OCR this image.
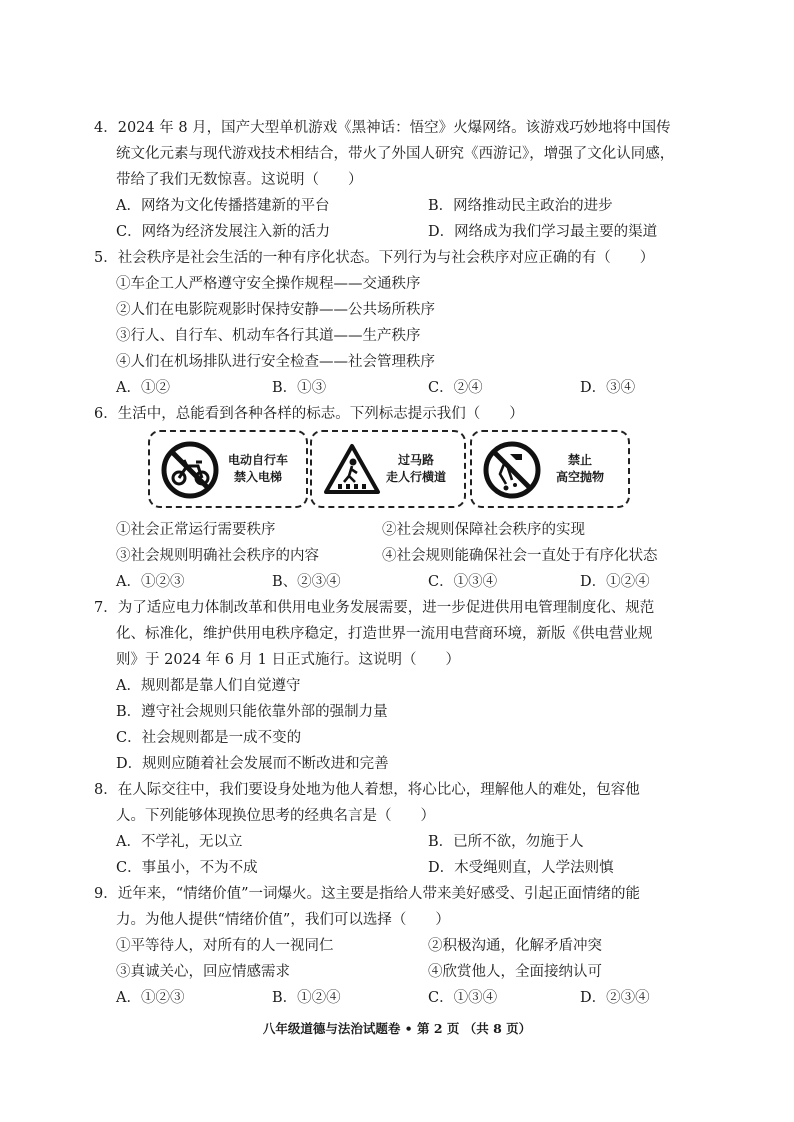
4．2024 年 8 月，国产大型单机游戏《黑神话：悟空》火爆网络。该游戏巧妙地将中国传
统文化元素与现代游戏技术相结合，带火了外国人研究《西游记》，增强了文化认同感，
带给了我们无数惊喜。这说明（　　）
A．网络为文化传播搭建新的平台	B．网络推动民主政治的进步
C．网络为经济发展注入新的活力	D．网络成为我们学习最主要的渠道
5．社会秩序是社会生活的一种有序化状态。下列行为与社会秩序对应正确的有（　　）
①车企工人严格遵守安全操作规程——交通秩序
②人们在电影院观影时保持安静——公共场所秩序
③行人、自行车、机动车各行其道——生产秩序
④人们在机场排队进行安全检查——社会管理秩序
A．①②	B．①③	C．②④	D．③④
6．生活中，总能看到各种各样的标志。下列标志提示我们（　　）
电动自行车
禁入电梯
过马路
走人行横道
禁止
高空抛物
①社会正常运行需要秩序	②社会规则保障社会秩序的实现
③社会规则明确社会秩序的内容	④社会规则能确保社会一直处于有序化状态
A．①②③	B、②③④	C．①③④	D．①②④
7．为了适应电力体制改革和供用电业务发展需要，进一步促进供用电管理制度化、规范
化、标准化，维护供用电秩序稳定，打造世界一流用电营商环境，新版《供电营业规
则》于 2024 年 6 月 1 日正式施行。这说明（　　）
A．规则都是靠人们自觉遵守
B．遵守社会规则只能依靠外部的强制力量
C．社会规则都是一成不变的
D．规则应随着社会发展而不断改进和完善
8．在人际交往中，我们要设身处地为他人着想，将心比心，理解他人的难处，包容他
人。下列能够体现换位思考的经典名言是（　　）
A．不学礼，无以立	B．已所不欲，勿施于人
C．事虽小，不为不成	D．木受绳则直，人学法则慎
9．近年来，“情绪价值”一词爆火。这主要是指给人带来美好感受、引起正面情绪的能
力。为他人提供“情绪价值”，我们可以选择（　　）
①平等待人，对所有的人一视同仁	②积极沟通，化解矛盾冲突
③真诚关心，回应情感需求	④欣赏他人，全面接纳认可
A．①②③	B．①②④	C．①③④	D．②③④
八年级道德与法治试题卷 • 第 2 页 （共 8 页）
